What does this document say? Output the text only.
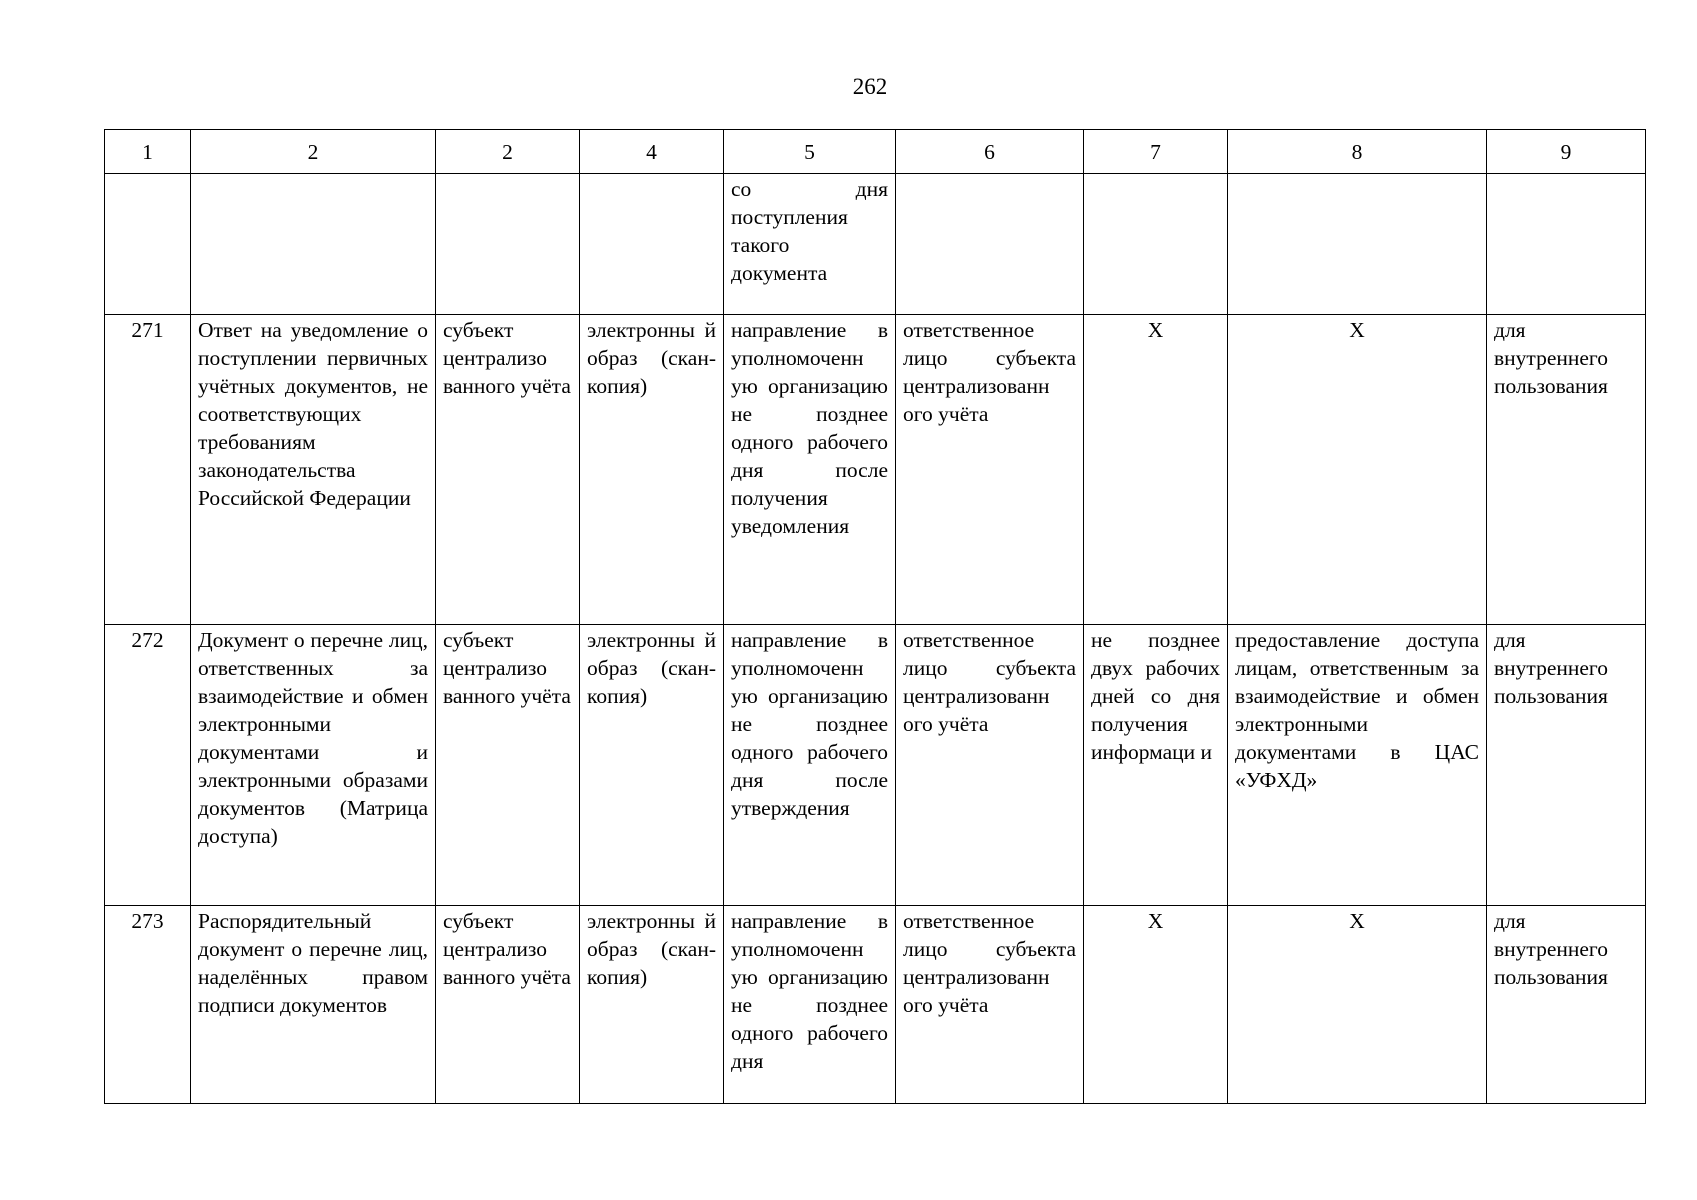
262
1	2	2	4	5	6	7	8	9

				со дня поступления такого документа				

271	Ответ на уведомление о поступлении первичных учётных документов, не соответствующих требованиям законодательства Российской Федерации	субъект централизо ванного учёта	электронны й образ (скан-копия)	направление в уполномоченн ую организацию не позднее одного рабочего дня после получения уведомления	ответственное лицо субъекта централизованн ого учёта	X	X	для внутреннего пользования

272	Документ о перечне лиц, ответственных за взаимодействие и обмен электронными документами и электронными образами документов (Матрица доступа)	субъект централизо ванного учёта	электронны й образ (скан-копия)	направление в уполномоченн ую организацию не позднее одного рабочего дня после утверждения	ответственное лицо субъекта централизованн ого учёта	не позднее двух рабочих дней со дня получения информаци и	предоставление доступа лицам, ответственным за взаимодействие и обмен электронными документами в ЦАС «УФХД»	для внутреннего пользования

273	Распорядительный документ о перечне лиц, наделённых правом подписи документов	субъект централизо ванного учёта	электронны й образ (скан-копия)	направление в уполномоченн ую организацию не позднее одного рабочего дня	ответственное лицо субъекта централизованн ого учёта	X	X	для внутреннего пользования
